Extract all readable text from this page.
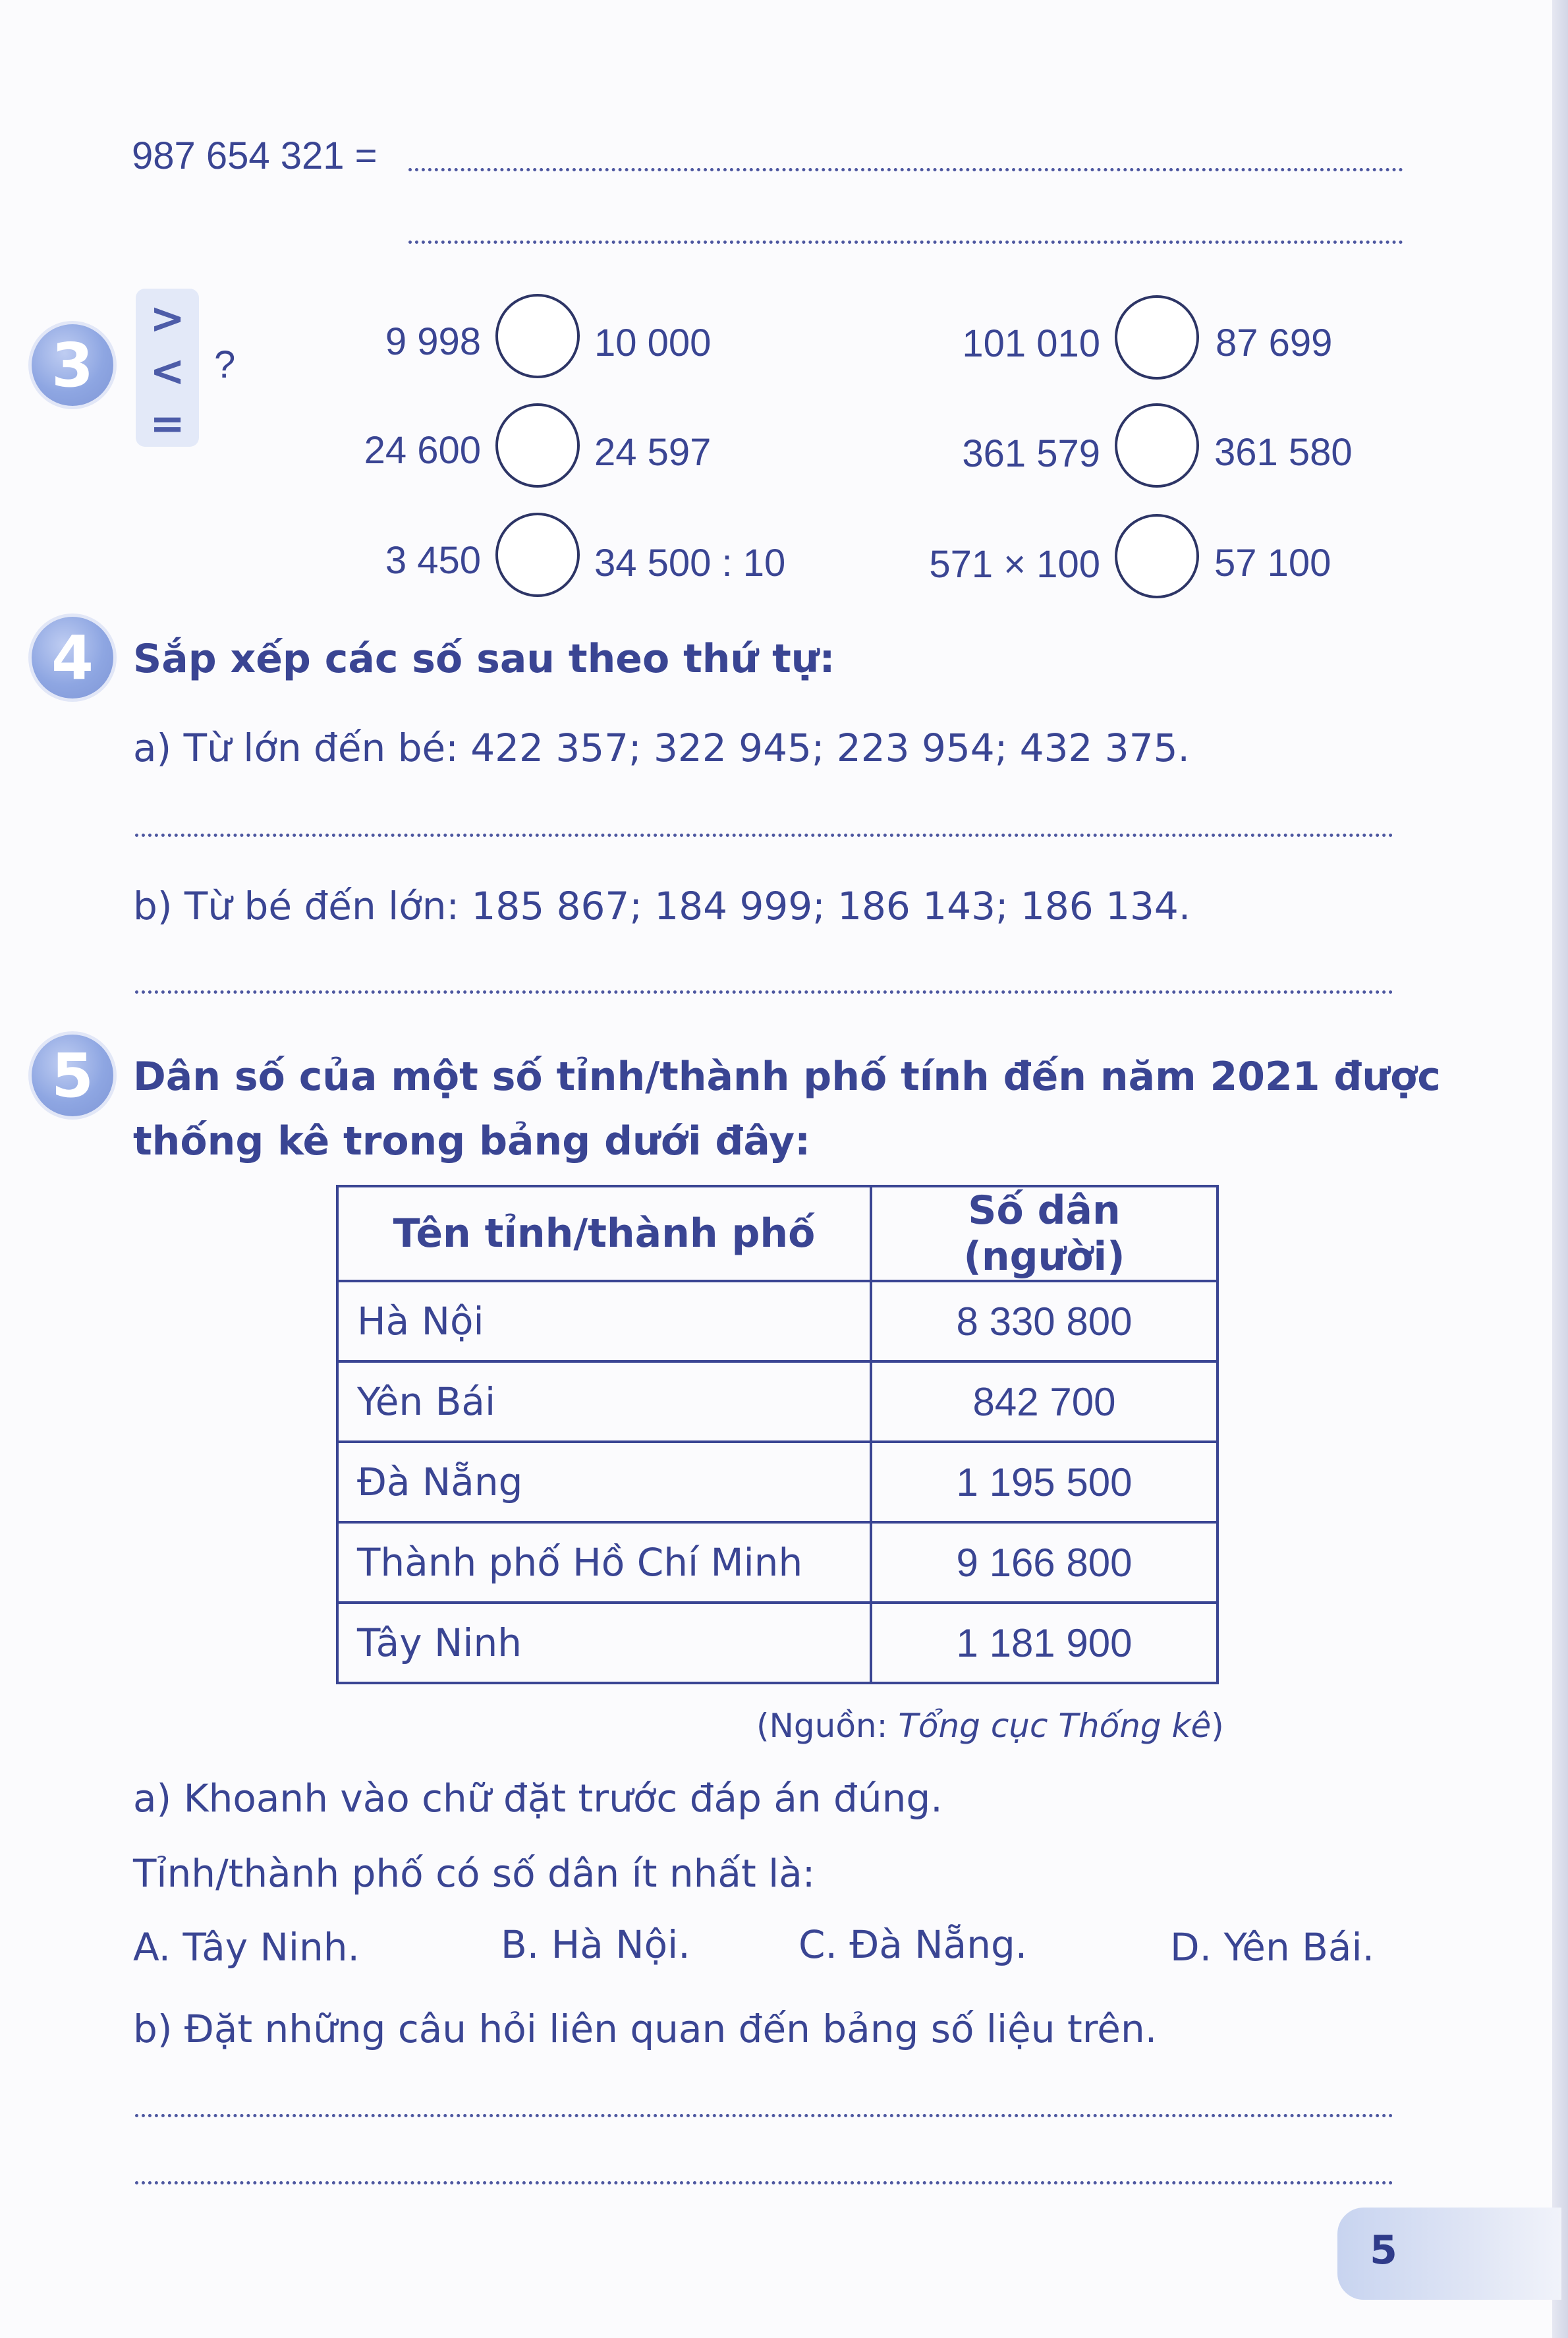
987 654 321 =
3
>
<
=
?
9 998	10 000	101 010	87 699
24 600	24 597	361 579	361 580
3 450	34 500 : 10	571 × 100	57 100
4	Sắp xếp các số sau theo thứ tự:
a) Từ lớn đến bé: 422 357; 322 945; 223 954; 432 375.
b) Từ bé đến lớn: 185 867; 184 999; 186 143; 186 134.
5	Dân số của một số tỉnh/thành phố tính đến năm 2021 được
thống kê trong bảng dưới đây:
Tên tỉnh/thành phố	Số dân (người)
Hà Nội	8 330 800
Yên Bái	842 700
Đà Nẵng	1 195 500
Thành phố Hồ Chí Minh	9 166 800
Tây Ninh	1 181 900
(Nguồn: Tổng cục Thống kê)
a) Khoanh vào chữ đặt trước đáp án đúng.
Tỉnh/thành phố có số dân ít nhất là:
A. Tây Ninh.	B. Hà Nội.	C. Đà Nẵng.	D. Yên Bái.
b) Đặt những câu hỏi liên quan đến bảng số liệu trên.
5
